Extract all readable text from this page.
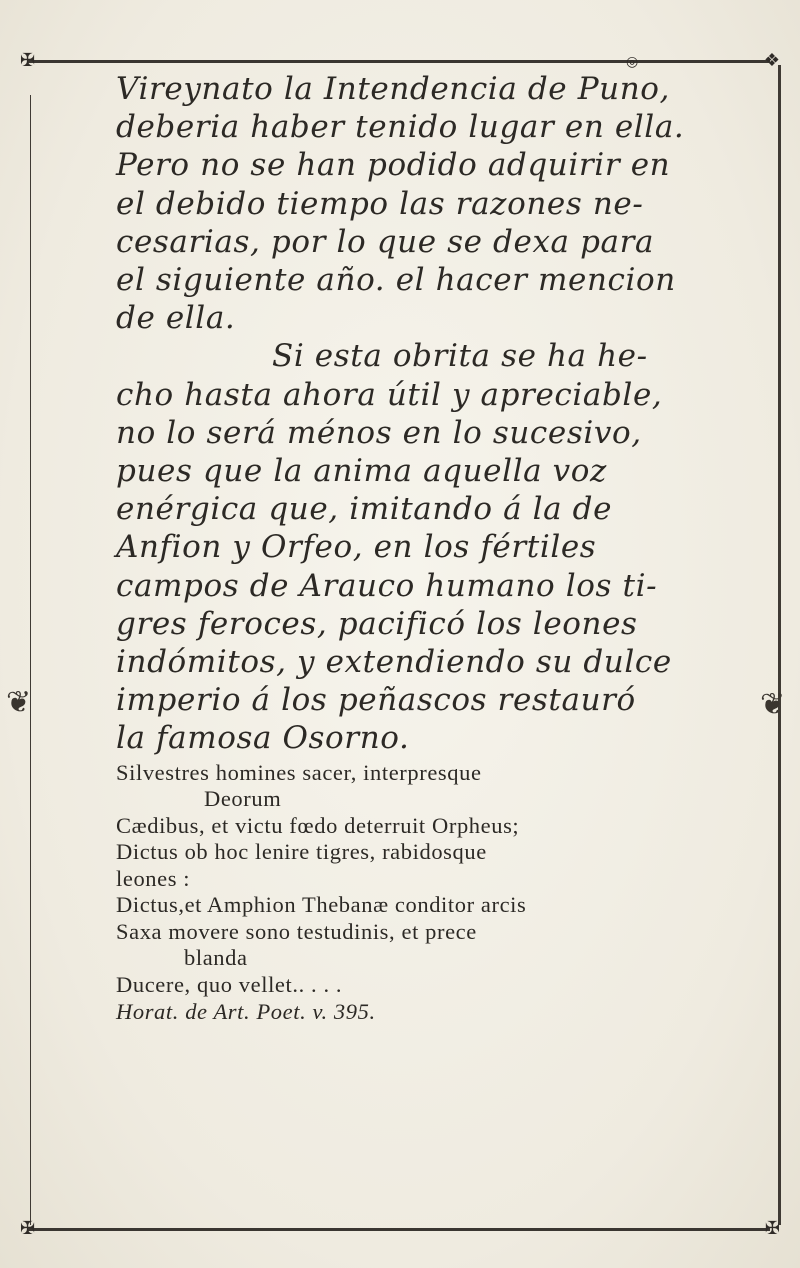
✠	◎	❖
❦	❦

Vireynato la Intendencia de Puno,

deberia haber tenido lugar en ella.

Pero no se han podido adquirir en

el debido tiempo las razones ne-

cesarias, por lo que se dexa para

el siguiente año. el hacer mencion

de ella.

Si esta obrita se ha he-

cho hasta ahora útil y apreciable,

no lo será ménos en lo sucesivo,

pues que la anima aquella voz

enérgica que, imitando á la de

Anfion y Orfeo, en los fértiles

campos de Arauco humano los ti-

gres feroces, pacificó los leones

indómitos, y extendiendo su dulce

imperio á los peñascos restauró

la famosa Osorno.

Silvestres homines sacer, interpresque

Deorum

Cædibus, et victu fœdo deterruit Orpheus;

Dictus ob hoc lenire tigres, rabidosque

leones :

Dictus,et Amphion Thebanæ conditor arcis

Saxa movere sono testudinis, et prece

blanda

Ducere, quo vellet.. . . .

Horat. de Art. Poet. v. 395.

✠	✠
